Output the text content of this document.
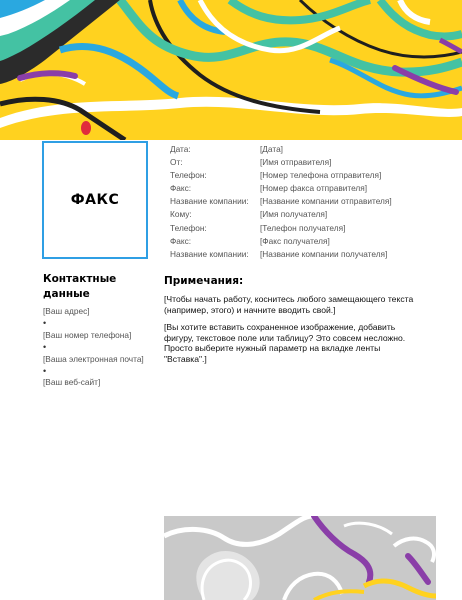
ФАКС
Дата:	[Дата]
От:	[Имя отправителя]
Телефон:	[Номер телефона отправителя]
Факс:	[Номер факса отправителя]
Название компании:	[Название компании отправителя]
Кому:	[Имя получателя]
Телефон:	[Телефон получателя]
Факс:	[Факс получателя]
Название компании:	[Название компании получателя]
Контактные данные
[Ваш адрес]
•
[Ваш номер телефона]
•
[Ваша электронная почта]
•
[Ваш веб-сайт]
Примечания:
[Чтобы начать работу, коснитесь любого замещающего текста (например, этого) и начните вводить свой.]
[Вы хотите вставить сохраненное изображение, добавить фигуру, текстовое поле или таблицу? Это совсем несложно. Просто выберите нужный параметр на вкладке ленты "Вставка".]
